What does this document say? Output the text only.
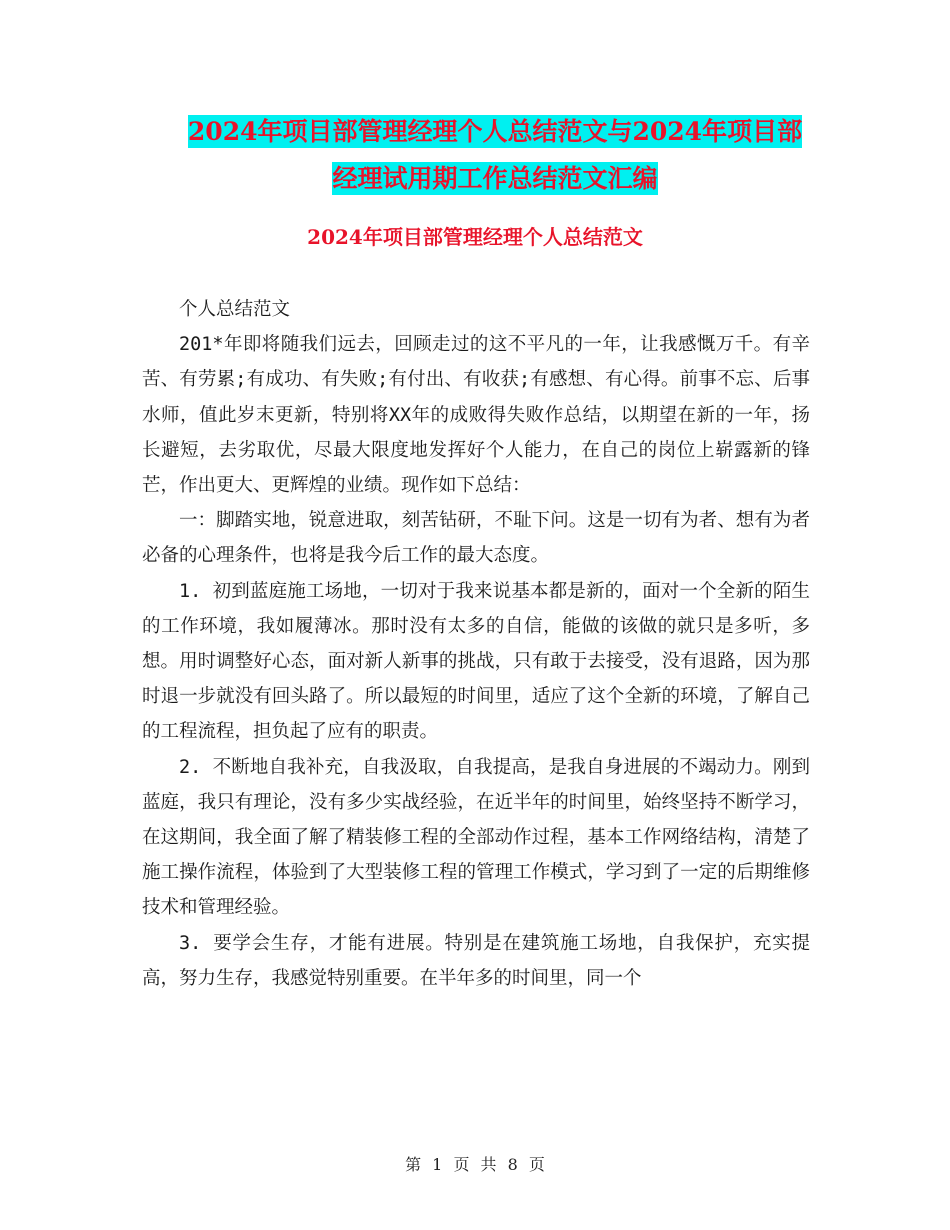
2024年项目部管理经理个人总结范文与2024年项目部
经理试用期工作总结范文汇编
2024年项目部管理经理个人总结范文

个人总结范文

201*年即将随我们远去，回顾走过的这不平凡的一年，让我感慨万千。有辛苦、有劳累;有成功、有失败;有付出、有收获;有感想、有心得。前事不忘、后事水师，值此岁末更新，特别将XX年的成败得失败作总结，以期望在新的一年，扬长避短，去劣取优，尽最大限度地发挥好个人能力，在自己的岗位上崭露新的锋芒，作出更大、更辉煌的业绩。现作如下总结：

一：脚踏实地，锐意进取，刻苦钻研，不耻下问。这是一切有为者、想有为者必备的心理条件，也将是我今后工作的最大态度。

1. 初到蓝庭施工场地，一切对于我来说基本都是新的，面对一个全新的陌生的工作环境，我如履薄冰。那时没有太多的自信，能做的该做的就只是多听，多想。用时调整好心态，面对新人新事的挑战，只有敢于去接受，没有退路，因为那时退一步就没有回头路了。所以最短的时间里，适应了这个全新的环境，了解自己的工程流程，担负起了应有的职责。

2. 不断地自我补充，自我汲取，自我提高，是我自身进展的不竭动力。刚到蓝庭，我只有理论，没有多少实战经验，在近半年的时间里，始终坚持不断学习，在这期间，我全面了解了精装修工程的全部动作过程，基本工作网络结构，清楚了施工操作流程，体验到了大型装修工程的管理工作模式，学习到了一定的后期维修技术和管理经验。

3. 要学会生存，才能有进展。特别是在建筑施工场地，自我保护，充实提高，努力生存，我感觉特别重要。在半年多的时间里，同一个

第 1 页 共 8 页
